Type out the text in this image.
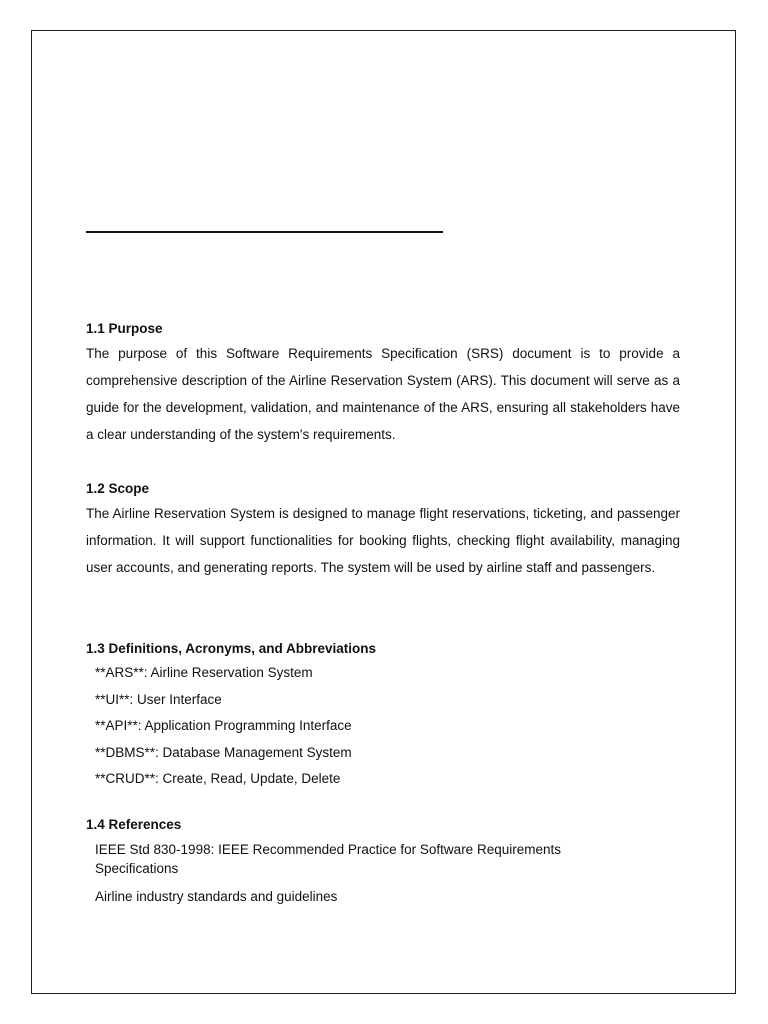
1.1 Purpose

The purpose of this Software Requirements Specification (SRS) document is to provide a comprehensive description of the Airline Reservation System (ARS). This document will serve as a guide for the development, validation, and maintenance of the ARS, ensuring all stakeholders have a clear understanding of the system's requirements.

1.2 Scope

The Airline Reservation System is designed to manage flight reservations, ticketing, and passenger information. It will support functionalities for booking flights, checking flight availability, managing user accounts, and generating reports. The system will be used by airline staff and passengers.

1.3 Definitions, Acronyms, and Abbreviations

**ARS**: Airline Reservation System
**UI**: User Interface
**API**: Application Programming Interface
**DBMS**: Database Management System
**CRUD**: Create, Read, Update, Delete

1.4 References

IEEE Std 830-1998: IEEE Recommended Practice for Software Requirements Specifications
Airline industry standards and guidelines
